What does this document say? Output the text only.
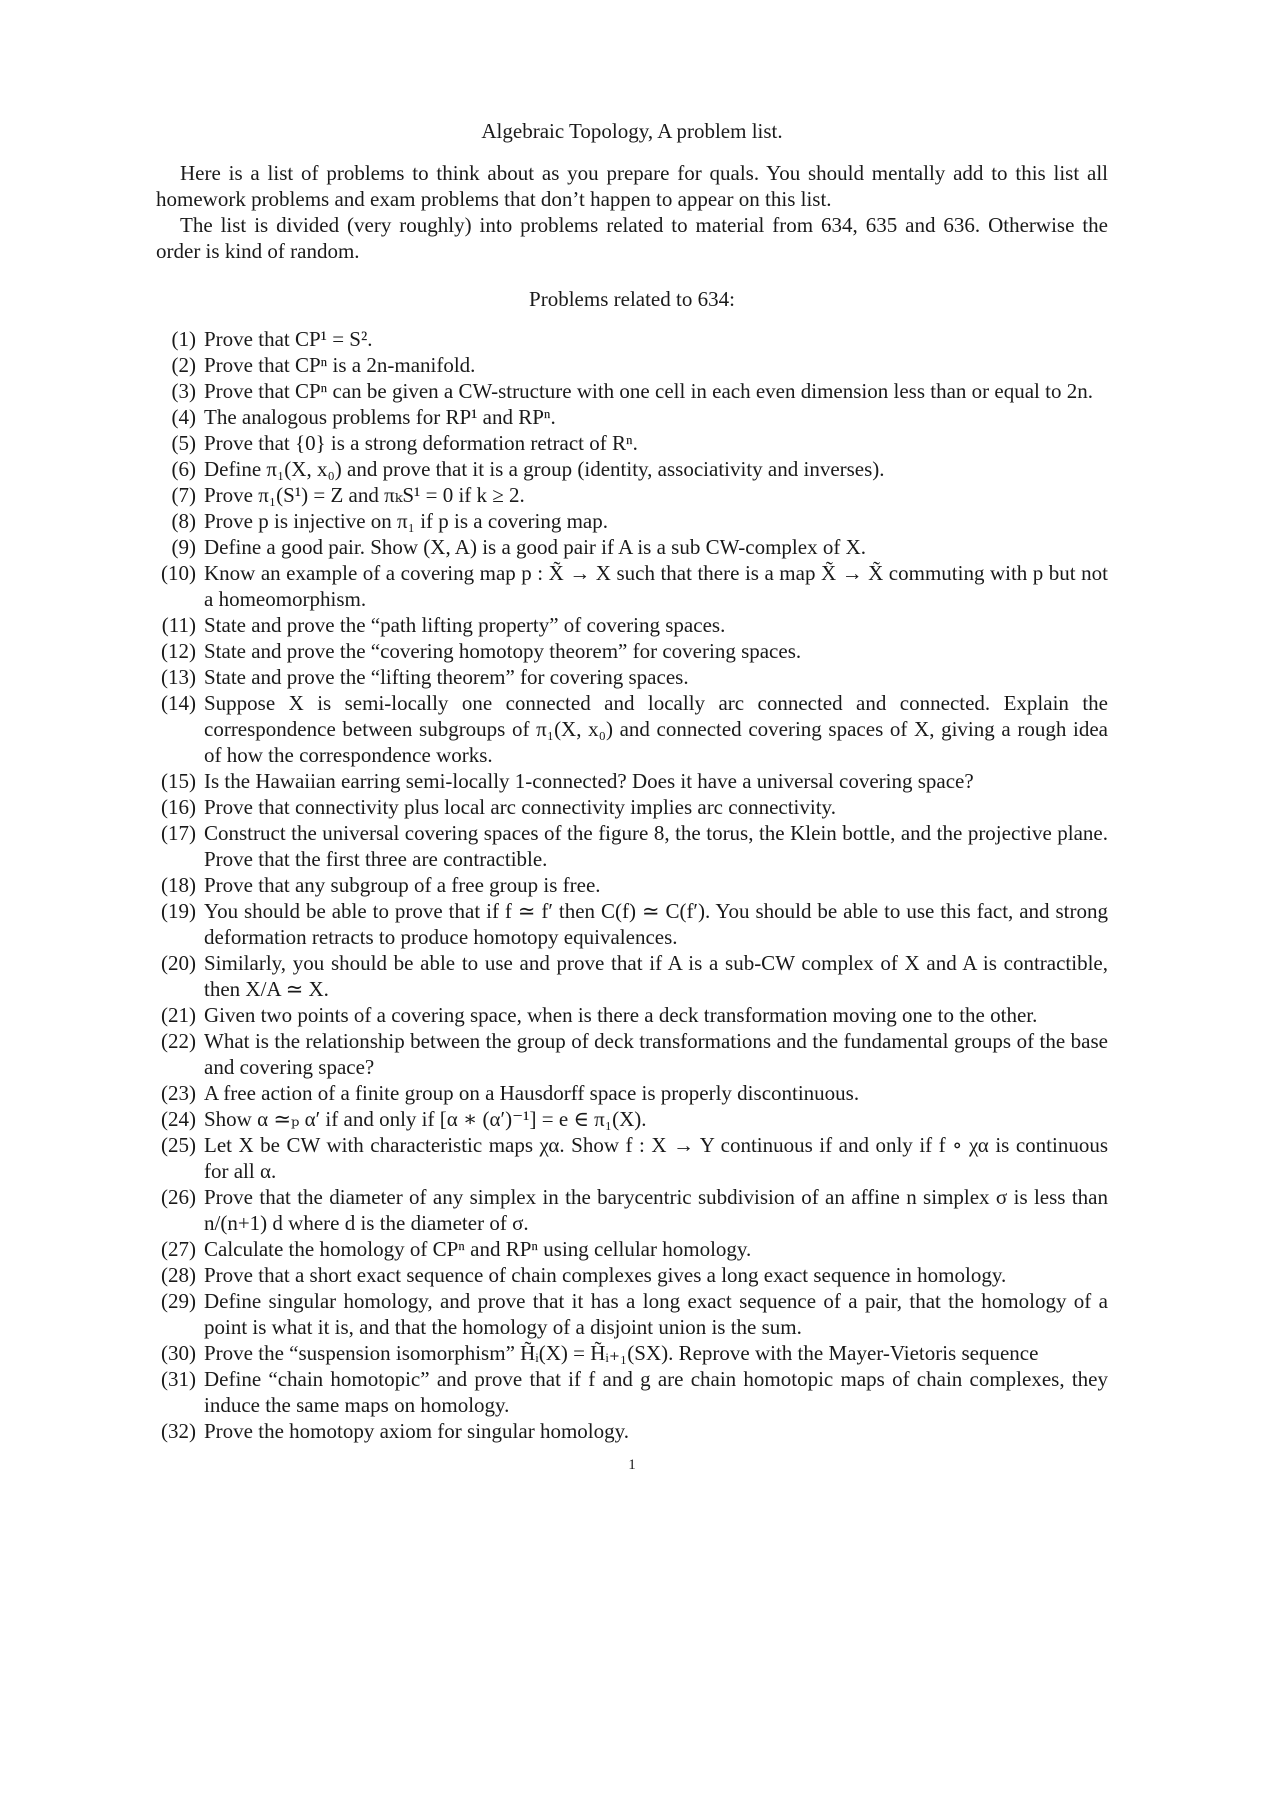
Algebraic Topology, A problem list.

Here is a list of problems to think about as you prepare for quals. You should mentally add to this list all homework problems and exam problems that don’t happen to appear on this list.

The list is divided (very roughly) into problems related to material from 634, 635 and 636. Otherwise the order is kind of random.

Problems related to 634:
(1) Prove that CP¹ = S².
(2) Prove that CPⁿ is a 2n-manifold.
(3) Prove that CPⁿ can be given a CW-structure with one cell in each even dimension less than or equal to 2n.
(4) The analogous problems for RP¹ and RPⁿ.
(5) Prove that {0} is a strong deformation retract of Rⁿ.
(6) Define π₁(X, x₀) and prove that it is a group (identity, associativity and inverses).
(7) Prove π₁(S¹) = Z and πₖS¹ = 0 if k ≥ 2.
(8) Prove p is injective on π₁ if p is a covering map.
(9) Define a good pair. Show (X, A) is a good pair if A is a sub CW-complex of X.
(10) Know an example of a covering map p : X̃ → X such that there is a map X̃ → X̃ commuting with p but not a homeomorphism.
(11) State and prove the “path lifting property” of covering spaces.
(12) State and prove the “covering homotopy theorem” for covering spaces.
(13) State and prove the “lifting theorem” for covering spaces.
(14) Suppose X is semi-locally one connected and locally arc connected and connected. Explain the correspondence between subgroups of π₁(X, x₀) and connected covering spaces of X, giving a rough idea of how the correspondence works.
(15) Is the Hawaiian earring semi-locally 1-connected? Does it have a universal covering space?
(16) Prove that connectivity plus local arc connectivity implies arc connectivity.
(17) Construct the universal covering spaces of the figure 8, the torus, the Klein bottle, and the projective plane. Prove that the first three are contractible.
(18) Prove that any subgroup of a free group is free.
(19) You should be able to prove that if f ≃ f′ then C(f) ≃ C(f′). You should be able to use this fact, and strong deformation retracts to produce homotopy equivalences.
(20) Similarly, you should be able to use and prove that if A is a sub-CW complex of X and A is contractible, then X/A ≃ X.
(21) Given two points of a covering space, when is there a deck transformation moving one to the other.
(22) What is the relationship between the group of deck transformations and the fundamental groups of the base and covering space?
(23) A free action of a finite group on a Hausdorff space is properly discontinuous.
(24) Show α ≃ₚ α′ if and only if [α ∗ (α′)⁻¹] = e ∈ π₁(X).
(25) Let X be CW with characteristic maps χα. Show f : X → Y continuous if and only if f ∘ χα is continuous for all α.
(26) Prove that the diameter of any simplex in the barycentric subdivision of an affine n simplex σ is less than n/(n+1) d where d is the diameter of σ.
(27) Calculate the homology of CPⁿ and RPⁿ using cellular homology.
(28) Prove that a short exact sequence of chain complexes gives a long exact sequence in homology.
(29) Define singular homology, and prove that it has a long exact sequence of a pair, that the homology of a point is what it is, and that the homology of a disjoint union is the sum.
(30) Prove the “suspension isomorphism” H̃ᵢ(X) = H̃ᵢ₊₁(SX). Reprove with the Mayer-Vietoris sequence
(31) Define “chain homotopic” and prove that if f and g are chain homotopic maps of chain complexes, they induce the same maps on homology.
(32) Prove the homotopy axiom for singular homology.
1
